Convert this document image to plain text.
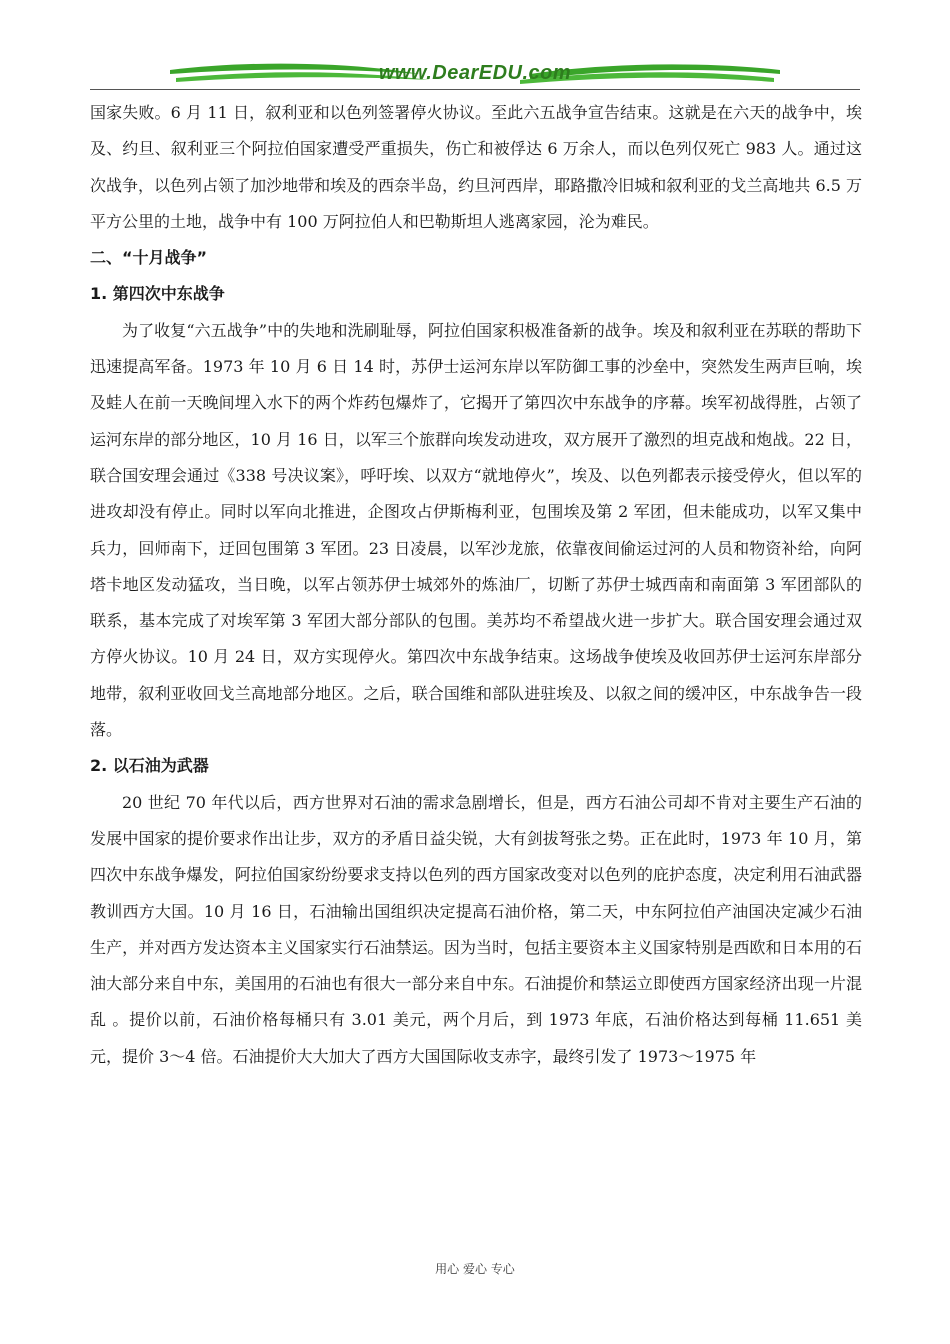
www.DearEDU.com

国家失败。6 月 11 日，叙利亚和以色列签署停火协议。至此六五战争宣告结束。这就是在六天的战争中，埃及、约旦、叙利亚三个阿拉伯国家遭受严重损失，伤亡和被俘达 6 万余人，而以色列仅死亡 983 人。通过这次战争，以色列占领了加沙地带和埃及的西奈半岛，约旦河西岸，耶路撒冷旧城和叙利亚的戈兰高地共 6.5 万平方公里的土地，战争中有 100 万阿拉伯人和巴勒斯坦人逃离家园，沦为难民。

二、“十月战争”

1. 第四次中东战争

为了收复“六五战争”中的失地和洗刷耻辱，阿拉伯国家积极准备新的战争。埃及和叙利亚在苏联的帮助下迅速提高军备。1973 年 10 月 6 日 14 时，苏伊士运河东岸以军防御工事的沙垒中，突然发生两声巨响，埃及蛙人在前一天晚间埋入水下的两个炸药包爆炸了，它揭开了第四次中东战争的序幕。埃军初战得胜，占领了运河东岸的部分地区，10 月 16 日，以军三个旅群向埃发动进攻，双方展开了激烈的坦克战和炮战。22 日，联合国安理会通过《338 号决议案》，呼吁埃、以双方“就地停火”，埃及、以色列都表示接受停火，但以军的进攻却没有停止。同时以军向北推进，企图攻占伊斯梅利亚，包围埃及第 2 军团，但未能成功，以军又集中兵力，回师南下，迂回包围第 3 军团。23 日凌晨，以军沙龙旅，依靠夜间偷运过河的人员和物资补给，向阿塔卡地区发动猛攻，当日晚，以军占领苏伊士城郊外的炼油厂，切断了苏伊士城西南和南面第 3 军团部队的联系，基本完成了对埃军第 3 军团大部分部队的包围。美苏均不希望战火进一步扩大。联合国安理会通过双方停火协议。10 月 24 日，双方实现停火。第四次中东战争结束。这场战争使埃及收回苏伊士运河东岸部分地带，叙利亚收回戈兰高地部分地区。之后，联合国维和部队进驻埃及、以叙之间的缓冲区，中东战争告一段落。

2. 以石油为武器

20 世纪 70 年代以后，西方世界对石油的需求急剧增长，但是，西方石油公司却不肯对主要生产石油的发展中国家的提价要求作出让步，双方的矛盾日益尖锐，大有剑拔弩张之势。正在此时，1973 年 10 月，第四次中东战争爆发，阿拉伯国家纷纷要求支持以色列的西方国家改变对以色列的庇护态度，决定利用石油武器教训西方大国。10 月 16 日，石油输出国组织决定提高石油价格，第二天，中东阿拉伯产油国决定减少石油生产，并对西方发达资本主义国家实行石油禁运。因为当时，包括主要资本主义国家特别是西欧和日本用的石油大部分来自中东，美国用的石油也有很大一部分来自中东。石油提价和禁运立即使西方国家经济出现一片混乱 。提价以前，石油价格每桶只有 3.01 美元，两个月后，到 1973 年底，石油价格达到每桶 11.651 美元，提价 3～4 倍。石油提价大大加大了西方大国国际收支赤字，最终引发了 1973～1975 年

用心 爱心 专心
